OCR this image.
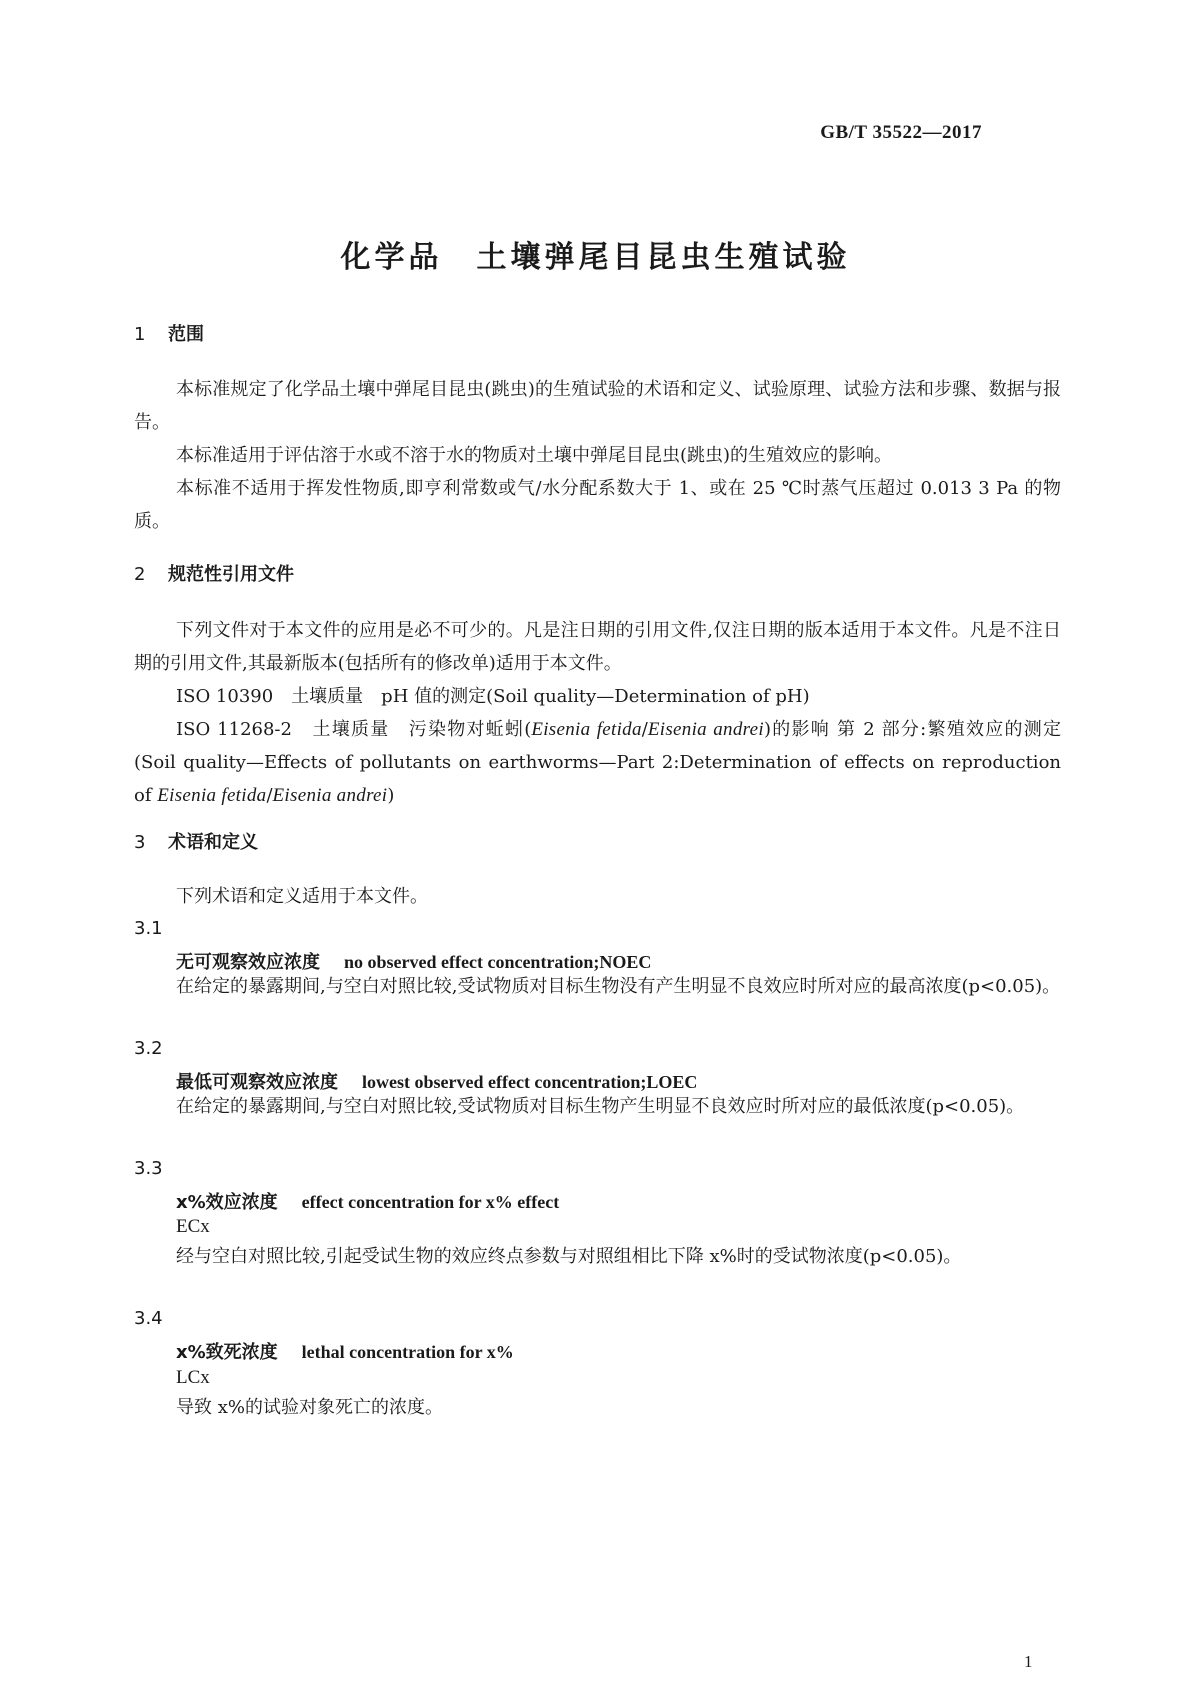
GB/T 35522—2017
化学品　土壤弹尾目昆虫生殖试验
1 范围
本标准规定了化学品土壤中弹尾目昆虫(跳虫)的生殖试验的术语和定义、试验原理、试验方法和步骤、数据与报告。
本标准适用于评估溶于水或不溶于水的物质对土壤中弹尾目昆虫(跳虫)的生殖效应的影响。
本标准不适用于挥发性物质,即亨利常数或气/水分配系数大于 1、或在 25 ℃时蒸气压超过 0.013 3 Pa 的物质。
2 规范性引用文件
下列文件对于本文件的应用是必不可少的。凡是注日期的引用文件,仅注日期的版本适用于本文件。凡是不注日期的引用文件,其最新版本(包括所有的修改单)适用于本文件。
ISO 10390　土壤质量　pH 值的测定(Soil quality—Determination of pH)
ISO 11268-2　土壤质量　污染物对蚯蚓(Eisenia fetida/Eisenia andrei)的影响 第 2 部分:繁殖效应的测定(Soil quality—Effects of pollutants on earthworms—Part 2:Determination of effects on reproduction of Eisenia fetida/Eisenia andrei)
3 术语和定义
下列术语和定义适用于本文件。
3.1
无可观察效应浓度 no observed effect concentration;NOEC
在给定的暴露期间,与空白对照比较,受试物质对目标生物没有产生明显不良效应时所对应的最高浓度(p<0.05)。
3.2
最低可观察效应浓度 lowest observed effect concentration;LOEC
在给定的暴露期间,与空白对照比较,受试物质对目标生物产生明显不良效应时所对应的最低浓度(p<0.05)。
3.3
x%效应浓度 effect concentration for x% effect
ECx
经与空白对照比较,引起受试生物的效应终点参数与对照组相比下降 x%时的受试物浓度(p<0.05)。
3.4
x%致死浓度 lethal concentration for x%
LCx
导致 x%的试验对象死亡的浓度。
1
